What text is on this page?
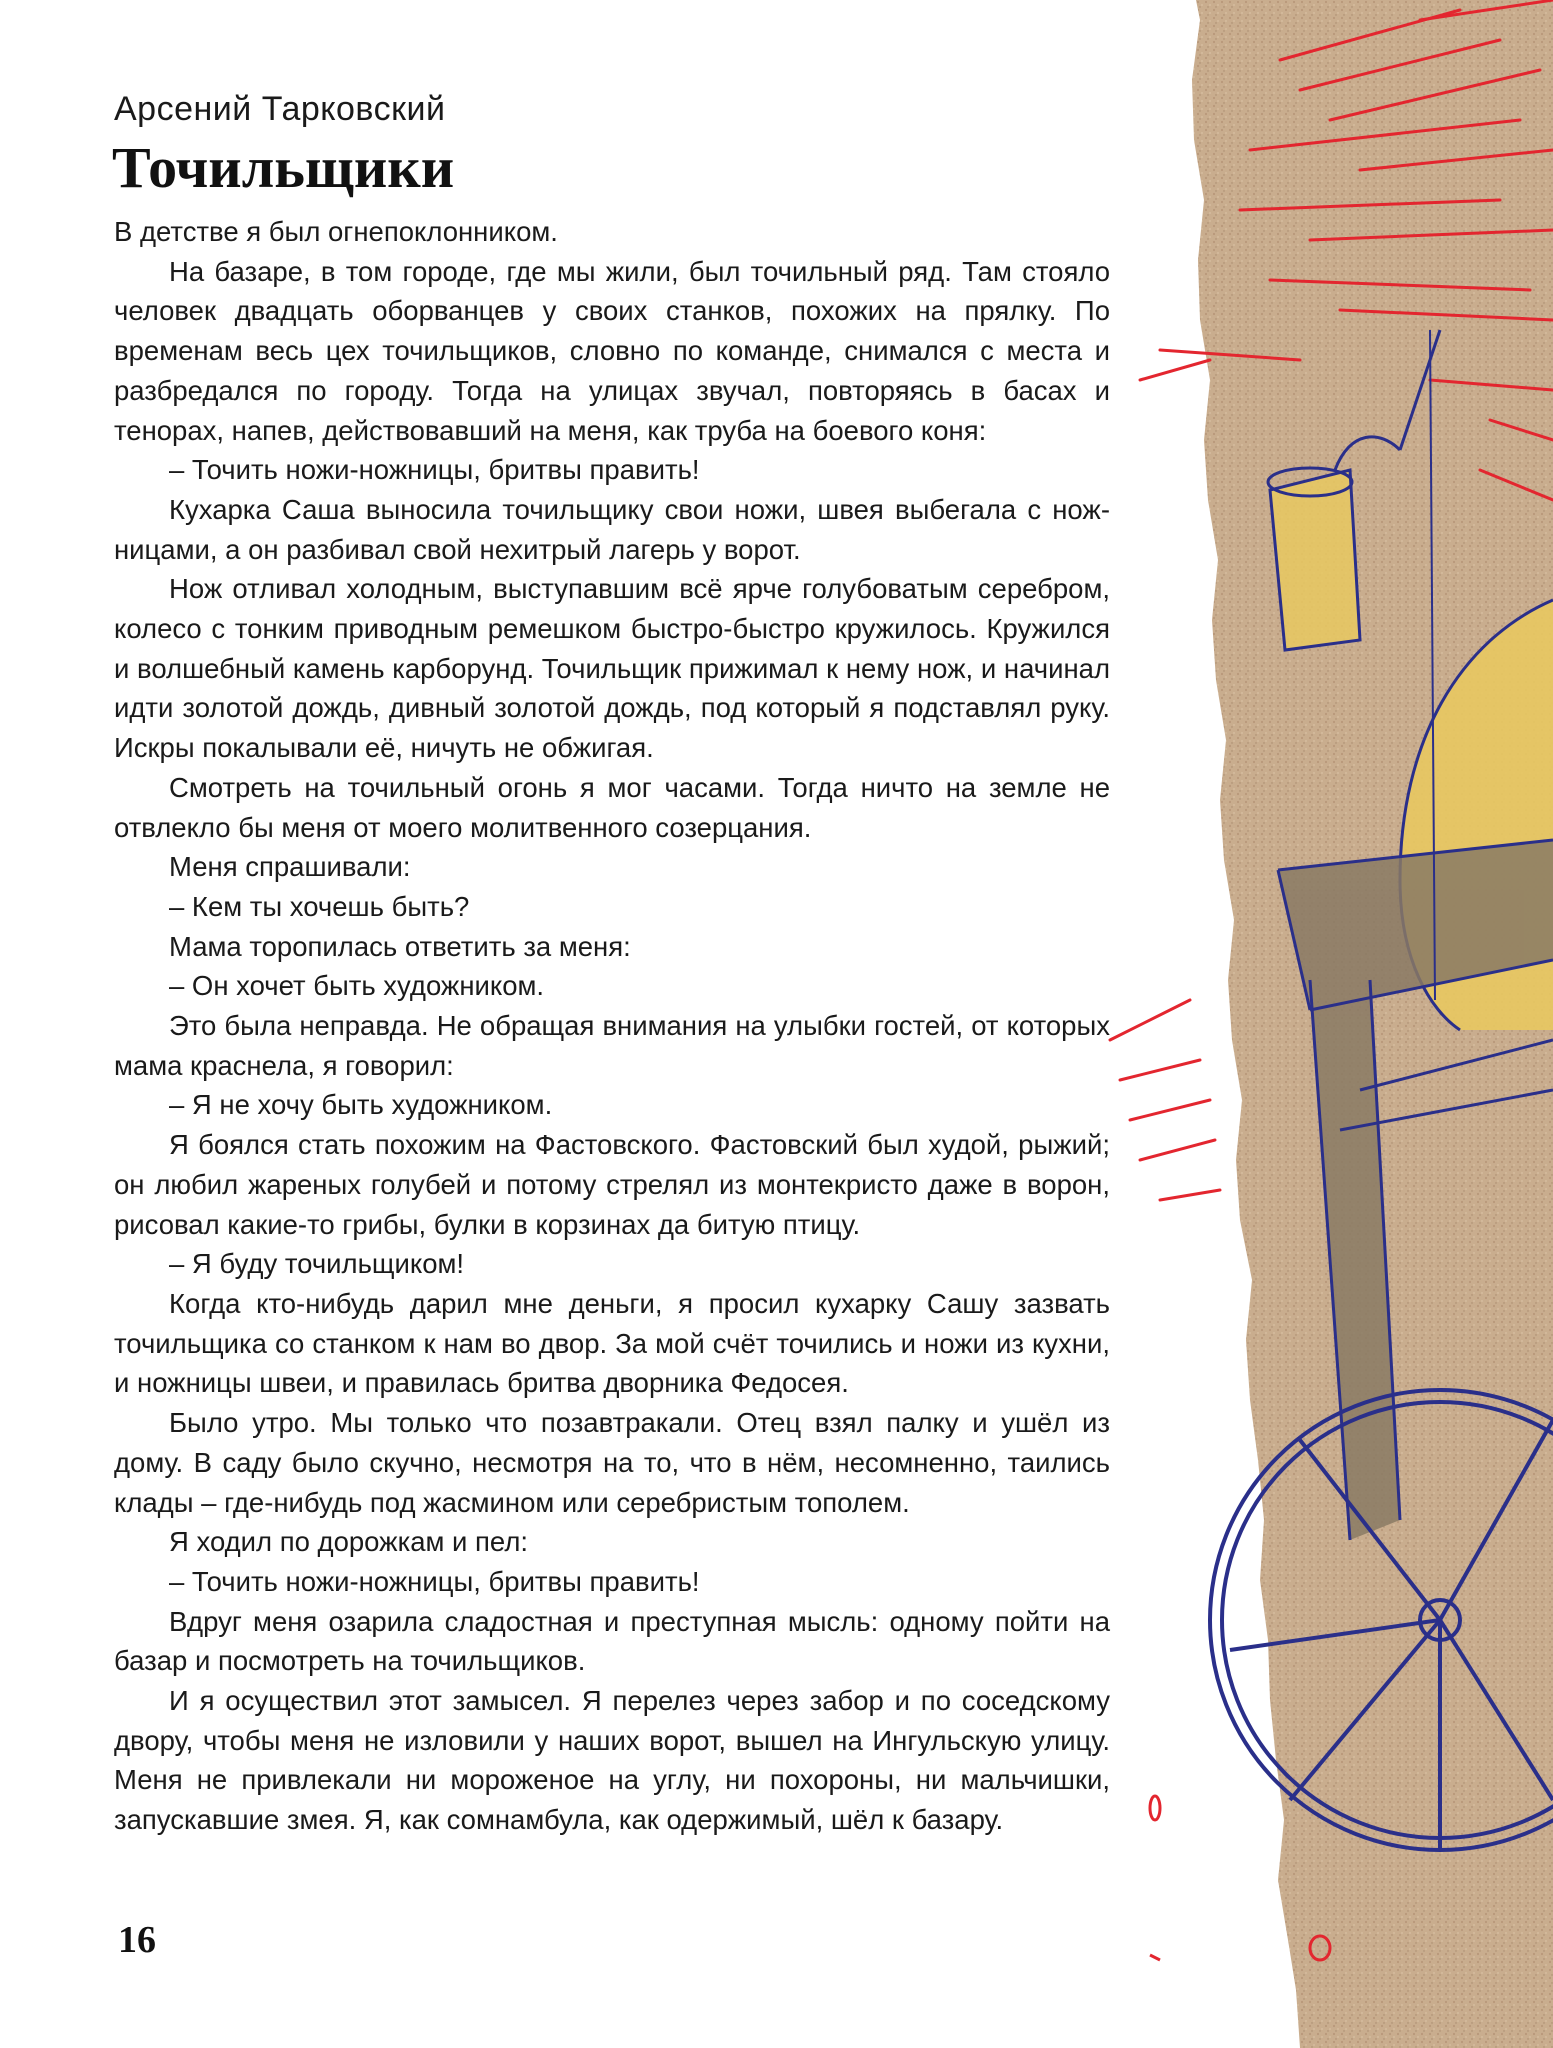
Арсений Тарковский
Точильщики

В детстве я был огнепоклонником.

На базаре, в том городе, где мы жили, был точильный ряд. Там стояло человек двадцать оборванцев у своих станков, похожих на прялку. По временам весь цех точильщиков, словно по команде, снимался с места и разбредался по городу. Тогда на улицах звучал, повторяясь в басах и тенорах, напев, действовавший на меня, как труба на боевого коня:

– Точить ножи-ножницы, бритвы править!

Кухарка Саша выносила точильщику свои ножи, швея выбегала с ножницами, а он разбивал свой нехитрый лагерь у ворот.

Нож отливал холодным, выступавшим всё ярче голубоватым серебром, колесо с тонким приводным ремешком быстро-быстро кружилось. Кружился и волшебный камень карборунд. Точильщик прижимал к нему нож, и начинал идти золотой дождь, дивный золотой дождь, под который я подставлял руку. Искры покалывали её, ничуть не обжигая.

Смотреть на точильный огонь я мог часами. Тогда ничто на земле не отвлекло бы меня от моего молитвенного созерцания.

Меня спрашивали:

– Кем ты хочешь быть?

Мама торопилась ответить за меня:

– Он хочет быть художником.

Это была неправда. Не обращая внимания на улыбки гостей, от которых мама краснела, я говорил:

– Я не хочу быть художником.

Я боялся стать похожим на Фастовского. Фастовский был худой, рыжий; он любил жареных голубей и потому стрелял из монтекристо даже в ворон, рисовал какие-то грибы, булки в корзинах да битую птицу.

– Я буду точильщиком!

Когда кто-нибудь дарил мне деньги, я просил кухарку Сашу зазвать точильщика со станком к нам во двор. За мой счёт точились и ножи из кухни, и ножницы швеи, и правилась бритва дворника Федосея.

Было утро. Мы только что позавтракали. Отец взял палку и ушёл из дому. В саду было скучно, несмотря на то, что в нём, несомненно, таились клады – где-нибудь под жасмином или серебристым тополем.

Я ходил по дорожкам и пел:

– Точить ножи-ножницы, бритвы править!

Вдруг меня озарила сладостная и преступная мысль: одному пойти на базар и посмотреть на точильщиков.

И я осуществил этот замысел. Я перелез через забор и по соседскому двору, чтобы меня не изловили у наших ворот, вышел на Ингульскую улицу. Меня не привлекали ни мороженое на углу, ни похороны, ни мальчишки, запускавшие змея. Я, как сомнамбула, как одержимый, шёл к базару.

16
